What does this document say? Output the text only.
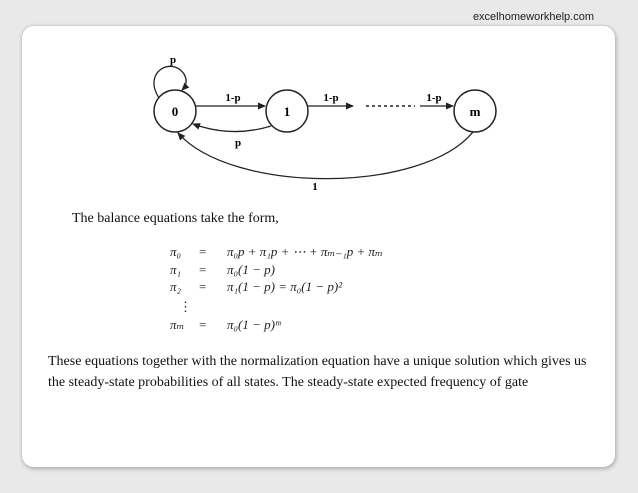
excelhomeworkhelp.com
0	1	m
p
1-p
p
1-p	1-p
1
The balance equations take the form,
π₀ = π₀p + π₁p + ⋯ + πₘ₋₁p + πₘ
π₁ = π₀(1 − p)
π₂ = π₁(1 − p) = π₀(1 − p)²
⋮
πₘ = π₀(1 − p)ᵐ
These equations together with the normalization equation have a unique solution which gives us the steady-state probabilities of all states. The steady-state expected frequency of gate
